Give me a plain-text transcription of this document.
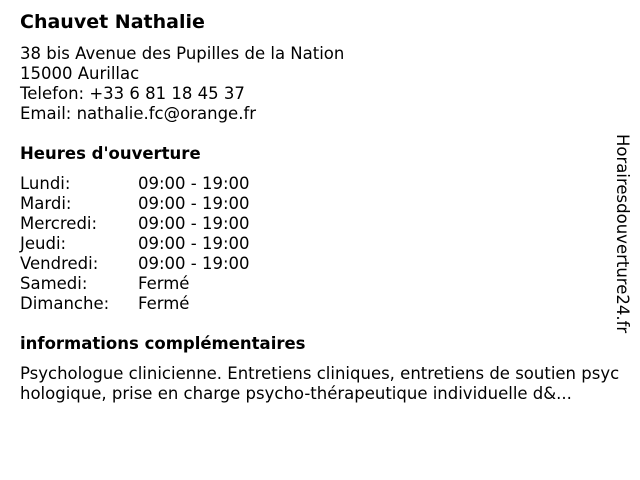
Chauvet Nathalie
38 bis Avenue des Pupilles de la Nation
15000 Aurillac
Telefon: +33 6 81 18 45 37
Email: nathalie.fc@orange.fr
Heures d'ouverture
Lundi:	09:00 - 19:00
Mardi:	09:00 - 19:00
Mercredi: 09:00 - 19:00
Jeudi:	09:00 - 19:00
Vendredi: 09:00 - 19:00
Samedi:	Fermé
Dimanche: Fermé
informations complémentaires
Psychologue clinicienne. Entretiens cliniques, entretiens de soutien psychologique, prise en charge psycho-thérapeutique individuelle d&...
Horairesdouverture24.fr
